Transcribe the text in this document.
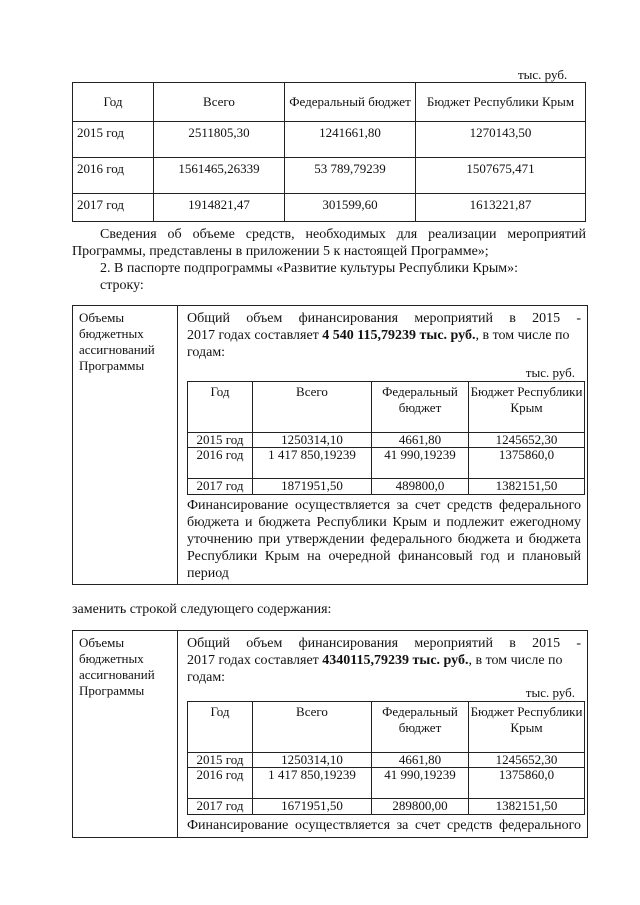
тыс. руб.
Год	Всего	Федеральный бюджет	Бюджет Республики Крым
2015 год	2511805,30	1241661,80	1270143,50
2016 год	1561465,26339	53 789,79239	1507675,471
2017 год	1914821,47	301599,60	1613221,87
Сведения об объеме средств, необходимых для реализации мероприятий
Программы, представлены в приложении 5 к настоящей Программе»;
2. В паспорте подпрограммы «Развитие культуры Республики Крым»:
строку:
Объемы бюджетных ассигнований Программы
Общий объем финансирования мероприятий в 2015 -
2017 годах составляет 4 540 115,79239 тыс. руб., в том числе по
годам:
тыс. руб.
Год	Всего	Федеральный бюджет	Бюджет Республики Крым
2015 год	1250314,10	4661,80	1245652,30
2016 год	1 417 850,19239	41 990,19239	1375860,0
2017 год	1871951,50	489800,0	1382151,50
Финансирование осуществляется за счет средств федерального бюджета и бюджета Республики Крым и подлежит ежегодному уточнению при утверждении федерального бюджета и бюджета Республики Крым на очередной финансовый год и плановый период
заменить строкой следующего содержания:
Объемы бюджетных ассигнований Программы
Общий объем финансирования мероприятий в 2015 -
2017 годах составляет 4340115,79239 тыс. руб., в том числе по
годам:
тыс. руб.
Год	Всего	Федеральный бюджет	Бюджет Республики Крым
2015 год	1250314,10	4661,80	1245652,30
2016 год	1 417 850,19239	41 990,19239	1375860,0
2017 год	1671951,50	289800,00	1382151,50
Финансирование осуществляется за счет средств федерального
